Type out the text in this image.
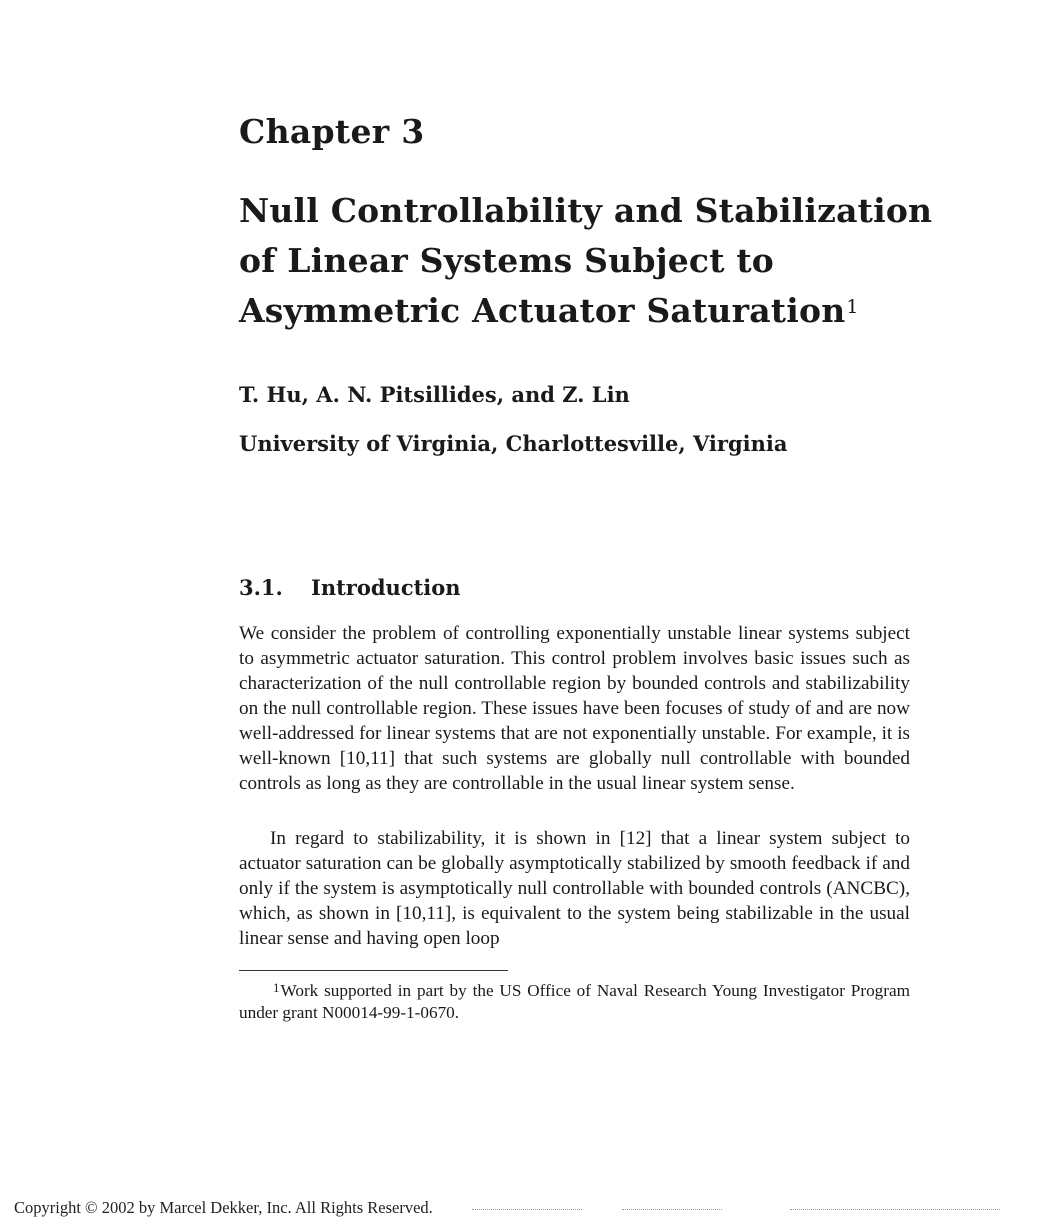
Chapter 3
Null Controllability and Stabilization
of Linear Systems Subject to
Asymmetric Actuator Saturation$^1$
T. Hu, A. N. Pitsillides, and Z. Lin
University of Virginia, Charlottesville, Virginia
3.1. Introduction

We consider the problem of controlling exponentially unstable linear systems subject to asymmetric actuator saturation. This control problem involves basic issues such as characterization of the null controllable region by bounded controls and stabilizability on the null controllable region. These issues have been focuses of study of and are now well-addressed for linear systems that are not exponentially unstable. For example, it is well-known [10,11] that such systems are globally null controllable with bounded controls as long as they are controllable in the usual linear system sense.

In regard to stabilizability, it is shown in [12] that a linear system subject to actuator saturation can be globally asymptotically stabilized by smooth feedback if and only if the system is asymptotically null controllable with bounded controls (ANCBC), which, as shown in [10,11], is equivalent to the system being stabilizable in the usual linear sense and having open loop

$^1$Work supported in part by the US Office of Naval Research Young Investigator Program under grant N00014-99-1-0670.

Copyright © 2002 by Marcel Dekker, Inc. All Rights Reserved.
